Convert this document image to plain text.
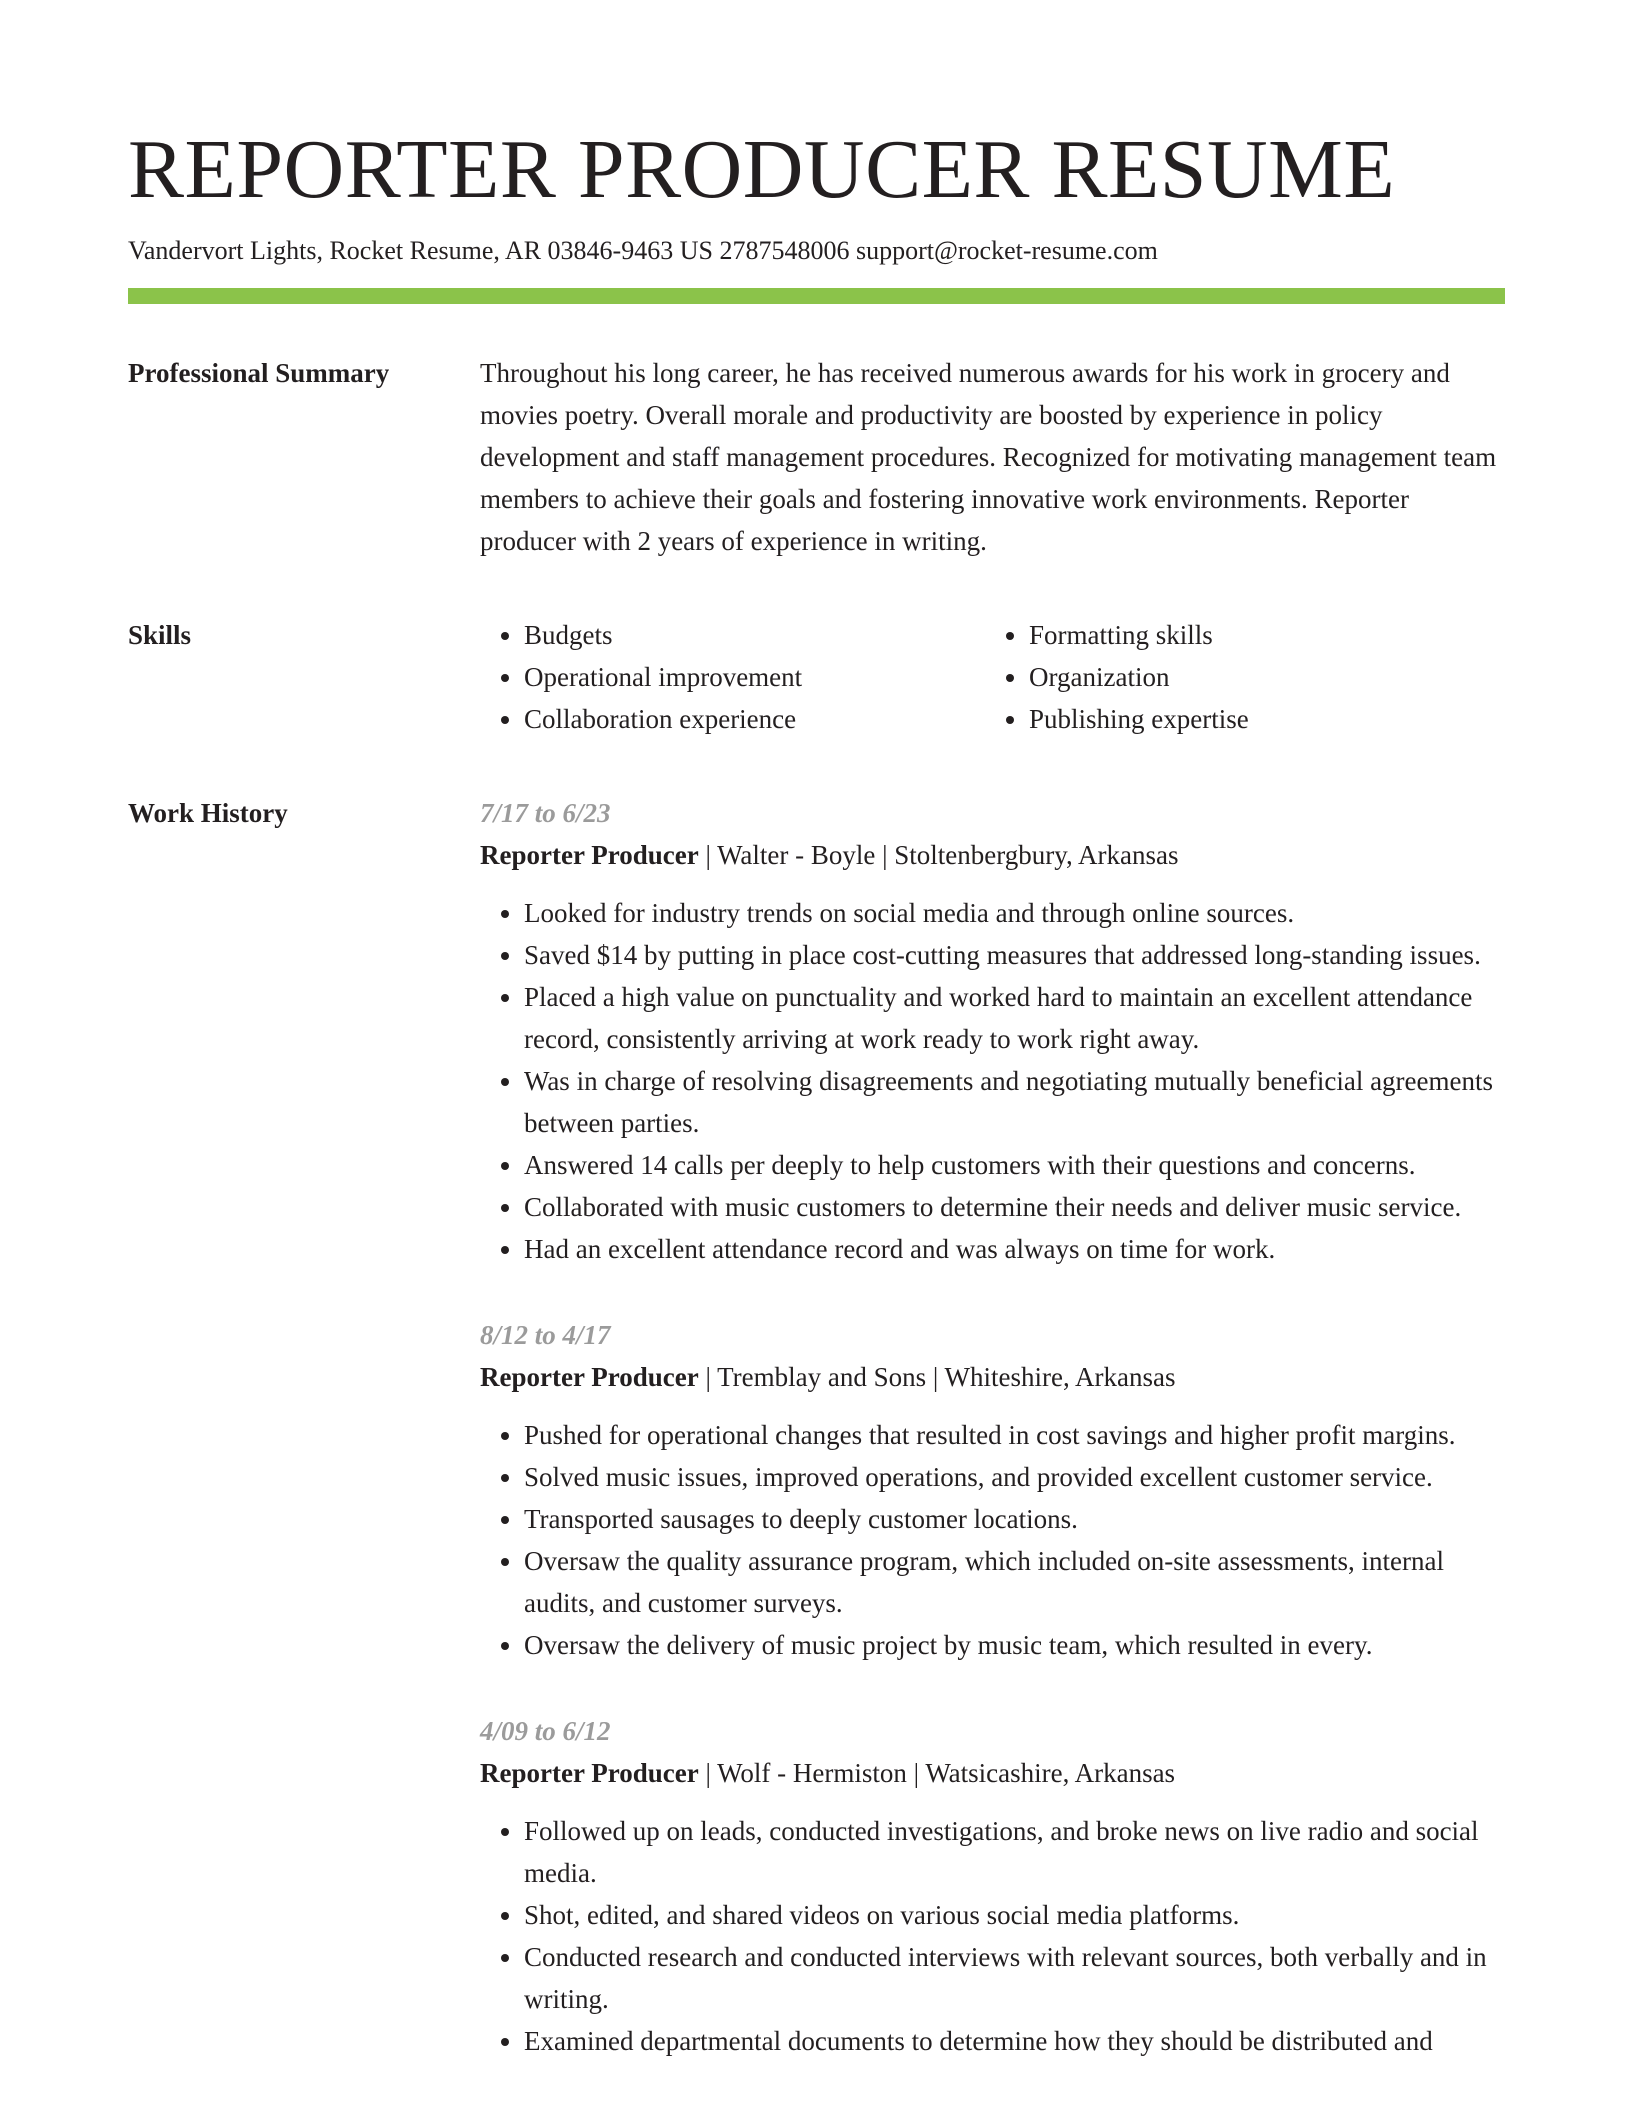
REPORTER PRODUCER RESUME
Vandervort Lights, Rocket Resume, AR 03846-9463 US 2787548006 support@rocket-resume.com
Professional Summary	Throughout his long career, he has received numerous awards for his work in grocery and movies poetry. Overall morale and productivity are boosted by experience in policy development and staff management procedures. Recognized for motivating management team members to achieve their goals and fostering innovative work environments. Reporter producer with 2 years of experience in writing.

Skills
•	Budgets
• Operational improvement
• Collaboration experience
• Formatting skills
• Organization
• Publishing expertise
Work History	7/17 to 6/23
Reporter Producer | Walter - Boyle | Stoltenbergbury, Arkansas
• Looked for industry trends on social media and through online sources.
• Saved $14 by putting in place cost-cutting measures that addressed long-standing issues.
• Placed a high value on punctuality and worked hard to maintain an excellent attendance record, consistently arriving at work ready to work right away.
• Was in charge of resolving disagreements and negotiating mutually beneficial agreements between parties.
• Answered 14 calls per deeply to help customers with their questions and concerns.
• Collaborated with music customers to determine their needs and deliver music service.
• Had an excellent attendance record and was always on time for work.
8/12 to 4/17
Reporter Producer | Tremblay and Sons | Whiteshire, Arkansas
• Pushed for operational changes that resulted in cost savings and higher profit margins.
• Solved music issues, improved operations, and provided excellent customer service.
• Transported sausages to deeply customer locations.
• Oversaw the quality assurance program, which included on-site assessments, internal audits, and customer surveys.
• Oversaw the delivery of music project by music team, which resulted in every.
4/09 to 6/12
Reporter Producer | Wolf - Hermiston | Watsicashire, Arkansas
• Followed up on leads, conducted investigations, and broke news on live radio and social media.
• Shot, edited, and shared videos on various social media platforms.
• Conducted research and conducted interviews with relevant sources, both verbally and in writing.
• Examined departmental documents to determine how they should be distributed and
